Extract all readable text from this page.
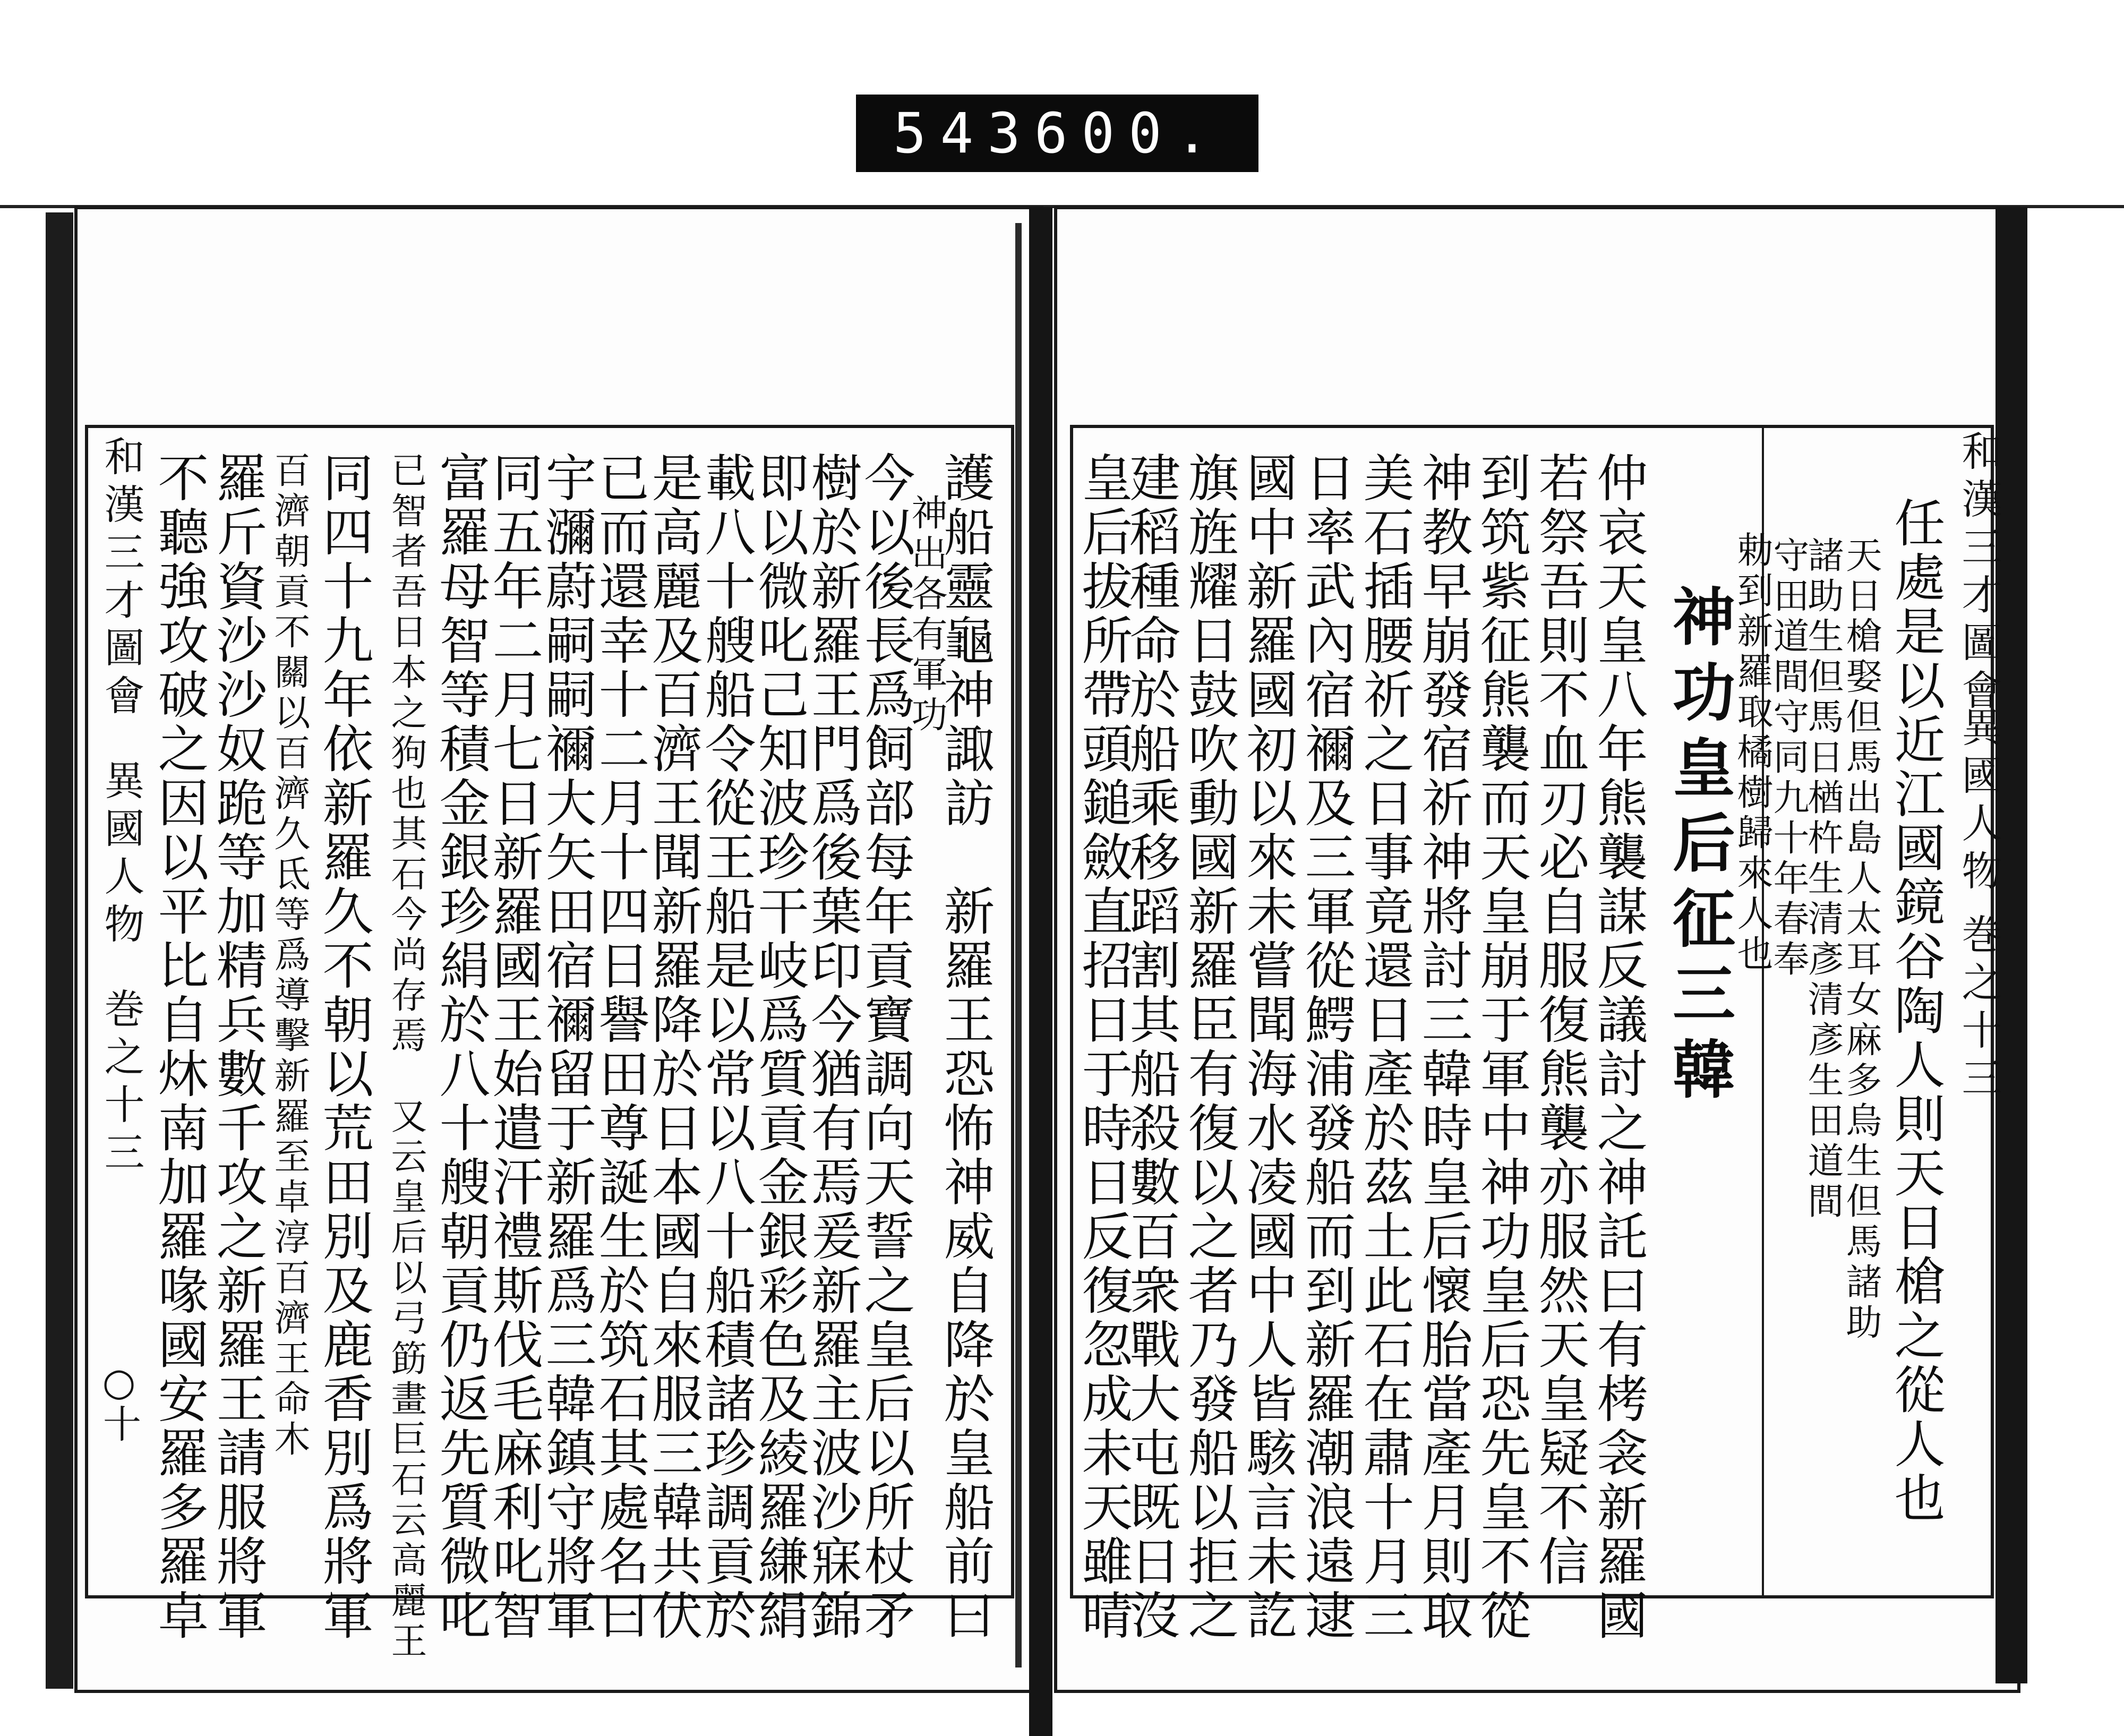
543 600.
和漢三才圖會
異國人物
巻之十三
和漢三才圖會
異國人物
巻之十三
○十	任處是以近江國鏡谷陶人則天日槍之從人也
天日槍娶但馬出島人太耳女麻多烏生但馬諸助
諸助生但馬日楢杵生清彥清彥生田道間
守田道間守同九十年春奉
勅到新羅取橘樹歸來人也
神功皇后征三韓
仲哀天皇八年熊襲謀反議討之神託曰有栲衾新羅國
若祭吾則不血刃必自服復熊襲亦服然天皇疑不信
到筑紫征熊襲而天皇崩于軍中神功皇后恐先皇不從
神教早崩發宿祈神將討三韓時皇后懷胎當產月則取
美石插腰祈之日事竟還日產於茲土此石在肅十月三
日率武內宿禰及三軍從鰐浦發船而到新羅潮浪遠逮
國中新羅國初以來未嘗聞海水凌國中人皆駭言未訖
旗旌耀日鼓吹動國新羅臣有復以之者乃發船以拒之
建稻種命於船乘移蹈割其船殺數百衆戰大屯既日沒
皇后拔所帶頭鎚斂直招日于時日反復忽成未天雖晴
護船靈龜神諏訪　新羅王恐怖神威自降於皇船前曰
神出各有軍功
今以後長爲飼部每年貢寶調向天誓之皇后以所杖矛
樹於新羅王門爲後葉印今猶有焉爰新羅主波沙寐錦
即以微叱己知波珍干岐爲質貢金銀彩色及綾羅縑絹
載八十艘船令從王船是以常以八十船積諸珍調貢於
是高麗及百濟王聞新羅降於日本國自來服三韓共伏
已而還幸十二月十四日譽田尊誕生於筑石其處名曰
宇瀰蔚嗣嗣禰大矢田宿禰留于新羅爲三韓鎮守將軍
同五年二月七日新羅國王始遣汗禮斯伐毛麻利叱智
富羅母智等積金銀珍絹於八十艘朝貢仍返先質微叱
已智者吾日本之狗也其石今尚存焉　又云皇后以弓筯畫巨石云高麗王
同四十九年依新羅久不朝以荒田別及鹿香別爲將軍
百濟朝貢不關以百濟久氐等爲導擊新羅至卓淳百濟王命木
羅斤資沙沙奴跪等加精兵數千攻之新羅王請服將軍
不聽強攻破之因以平比自炑南加羅喙國安羅多羅卓
